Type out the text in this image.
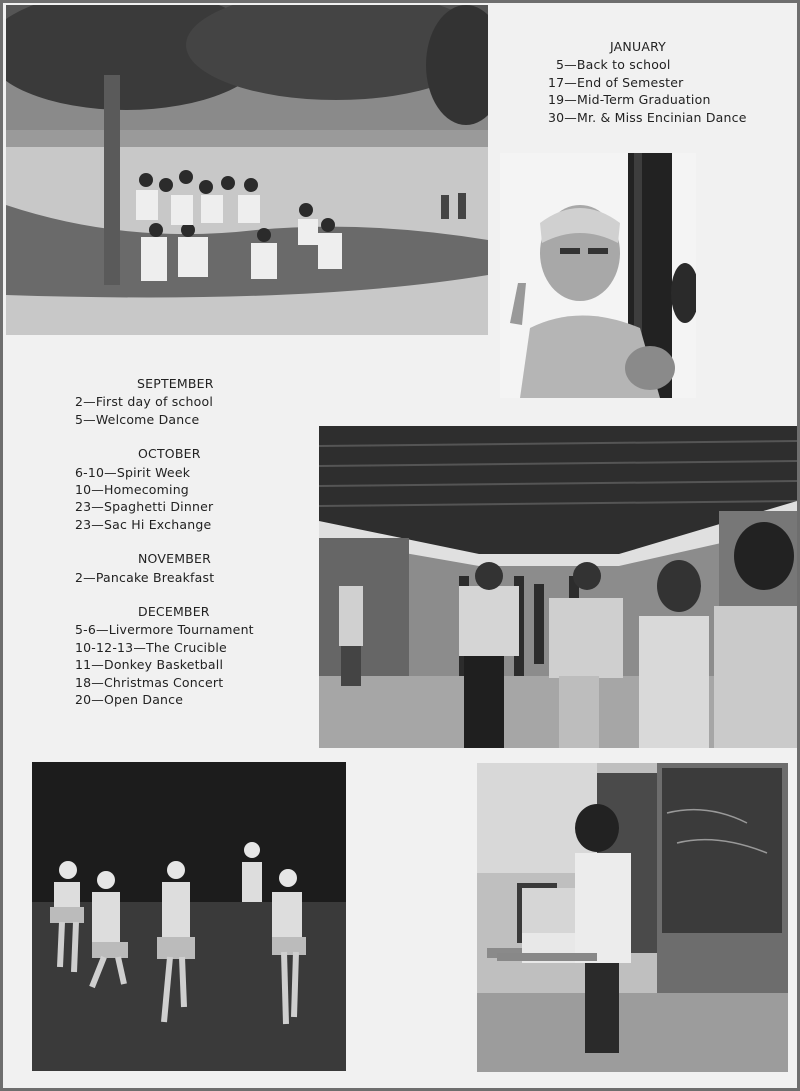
JANUARY
5—Back to school
17—End of Semester
19—Mid-Term Graduation
30—Mr. & Miss Encinian Dance
SEPTEMBER
2—First day of school
5—Welcome Dance
OCTOBER
6-10—Spirit Week
10—Homecoming
23—Spaghetti Dinner
23—Sac Hi Exchange
NOVEMBER
2—Pancake Breakfast
DECEMBER
5-6—Livermore Tournament
10-12-13—The Crucible
11—Donkey Basketball
18—Christmas Concert
20—Open Dance
